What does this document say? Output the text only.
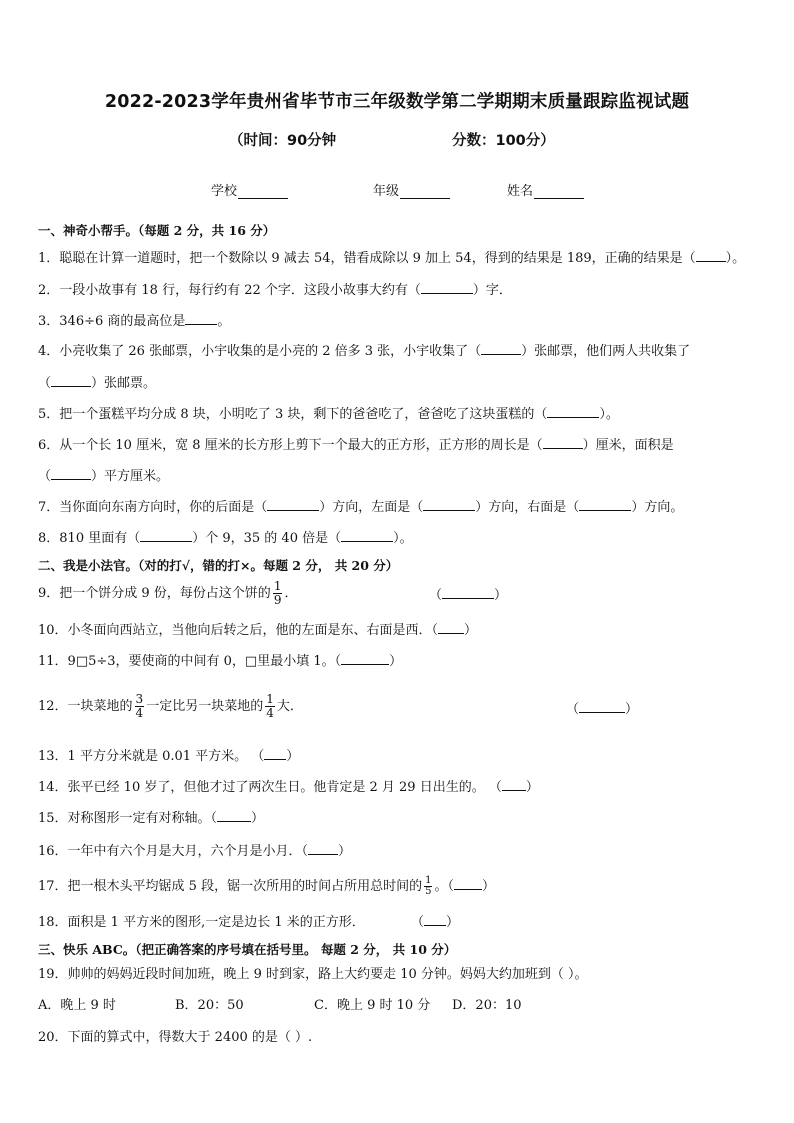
2022-2023学年贵州省毕节市三年级数学第二学期期末质量跟踪监视试题
（时间：90分钟	分数：100分）
学校	年级	姓名
一、神奇小帮手。（每题 2 分，共 16 分）
1．聪聪在计算一道题时，把一个数除以 9 减去 54，错看成除以 9 加上 54，得到的结果是 189，正确的结果是（ ）。
2．一段小故事有 18 行，每行约有 22 个字．这段小故事大约有（	）字．
3．346÷6 商的最高位是 。
4．小亮收集了 26 张邮票，小宇收集的是小亮的 2 倍多 3 张，小宇收集了（	）张邮票，他们两人共收集了
（	）张邮票。
5．把一个蛋糕平均分成 8 块，小明吃了 3 块，剩下的爸爸吃了，爸爸吃了这块蛋糕的（	）。
6．从一个长 10 厘米，宽 8 厘米的长方形上剪下一个最大的正方形，正方形的周长是（	）厘米，面积是
（	）平方厘米。
7．当你面向东南方向时，你的后面是（	）方向，左面是（	）方向，右面是（	）方向。
8．810 里面有（	）个 9，35 的 40 倍是（	）。
二、我是小法官。（对的打√，错的打×。每题 2 分， 共 20 分）
9．把一个饼分成 9 份，每份占这个饼的 $\frac{1}{9}$ ．	（	）
10．小冬面向西站立，当他向后转之后，他的左面是东、右面是西．（ ）
11．9□5÷3，要使商的中间有 0，□里最小填 1。（	）
12．一块菜地的 $\frac{3}{4}$ 一定比另一块菜地的 $\frac{1}{4}$ 大．	（	）
13．1 平方分米就是 0.01 平方米。 （ ）
14．张平已经 10 岁了，但他才过了两次生日。他肯定是 2 月 29 日出生的。 （ ）
15．对称图形一定有对称轴。（	）
16．一年中有六个月是大月，六个月是小月．（ ）
17．把一根木头平均锯成 5 段，锯一次所用的时间占所用总时间的 $\frac{1}{5}$ 。（ ）
18．面积是 1 平方米的图形,一定是边长 1 米的正方形．	（ ）
三、快乐 ABC。（把正确答案的序号填在括号里。 每题 2 分， 共 10 分）
19．帅帅的妈妈近段时间加班，晚上 9 时到家，路上大约要走 10 分钟。妈妈大约加班到（ ）。
A．晚上 9 时	B．20：50	C．晚上 9 时 10 分 D．20：10
20．下面的算式中，得数大于 2400 的是（ ）.
